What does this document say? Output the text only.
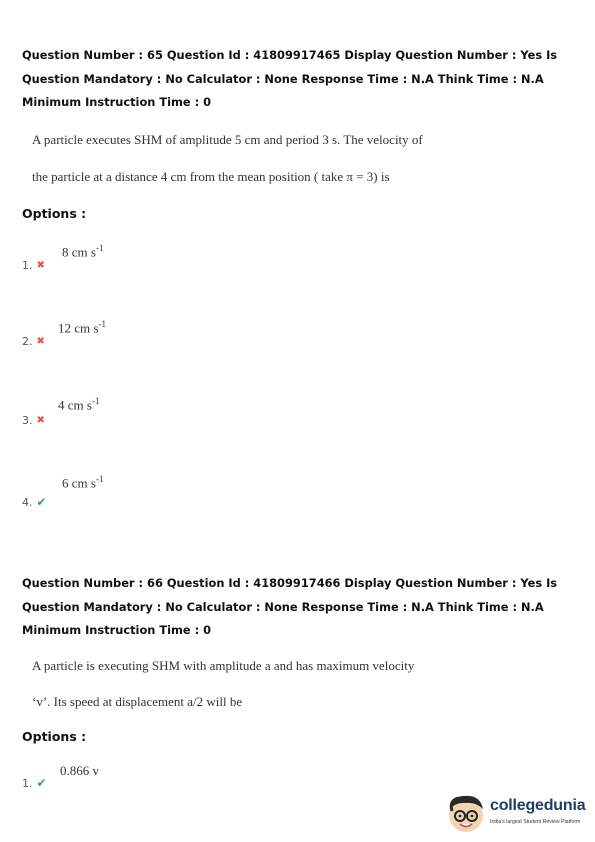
Question Number : 65 Question Id : 41809917465 Display Question Number : Yes Is Question Mandatory : No Calculator : None Response Time : N.A Think Time : N.A Minimum Instruction Time : 0
A particle executes SHM of amplitude 5 cm and period 3 s. The velocity of
the particle at a distance 4 cm from the mean position ( take π = 3) is
Options :
8 cm $s^{-1}$
1. ✖
12 cm $s^{-1}$
2. ✖
4 cm $s^{-1}$
3. ✖
6 cm $s^{-1}$
4. ✔
Question Number : 66 Question Id : 41809917466 Display Question Number : Yes Is Question Mandatory : No Calculator : None Response Time : N.A Think Time : N.A Minimum Instruction Time : 0
A particle is executing SHM with amplitude a and has maximum velocity
‘v’. Its speed at displacement a/2 will be
Options :
0.866 v
1. ✔
collegedunia
India's largest Student Review Platform
